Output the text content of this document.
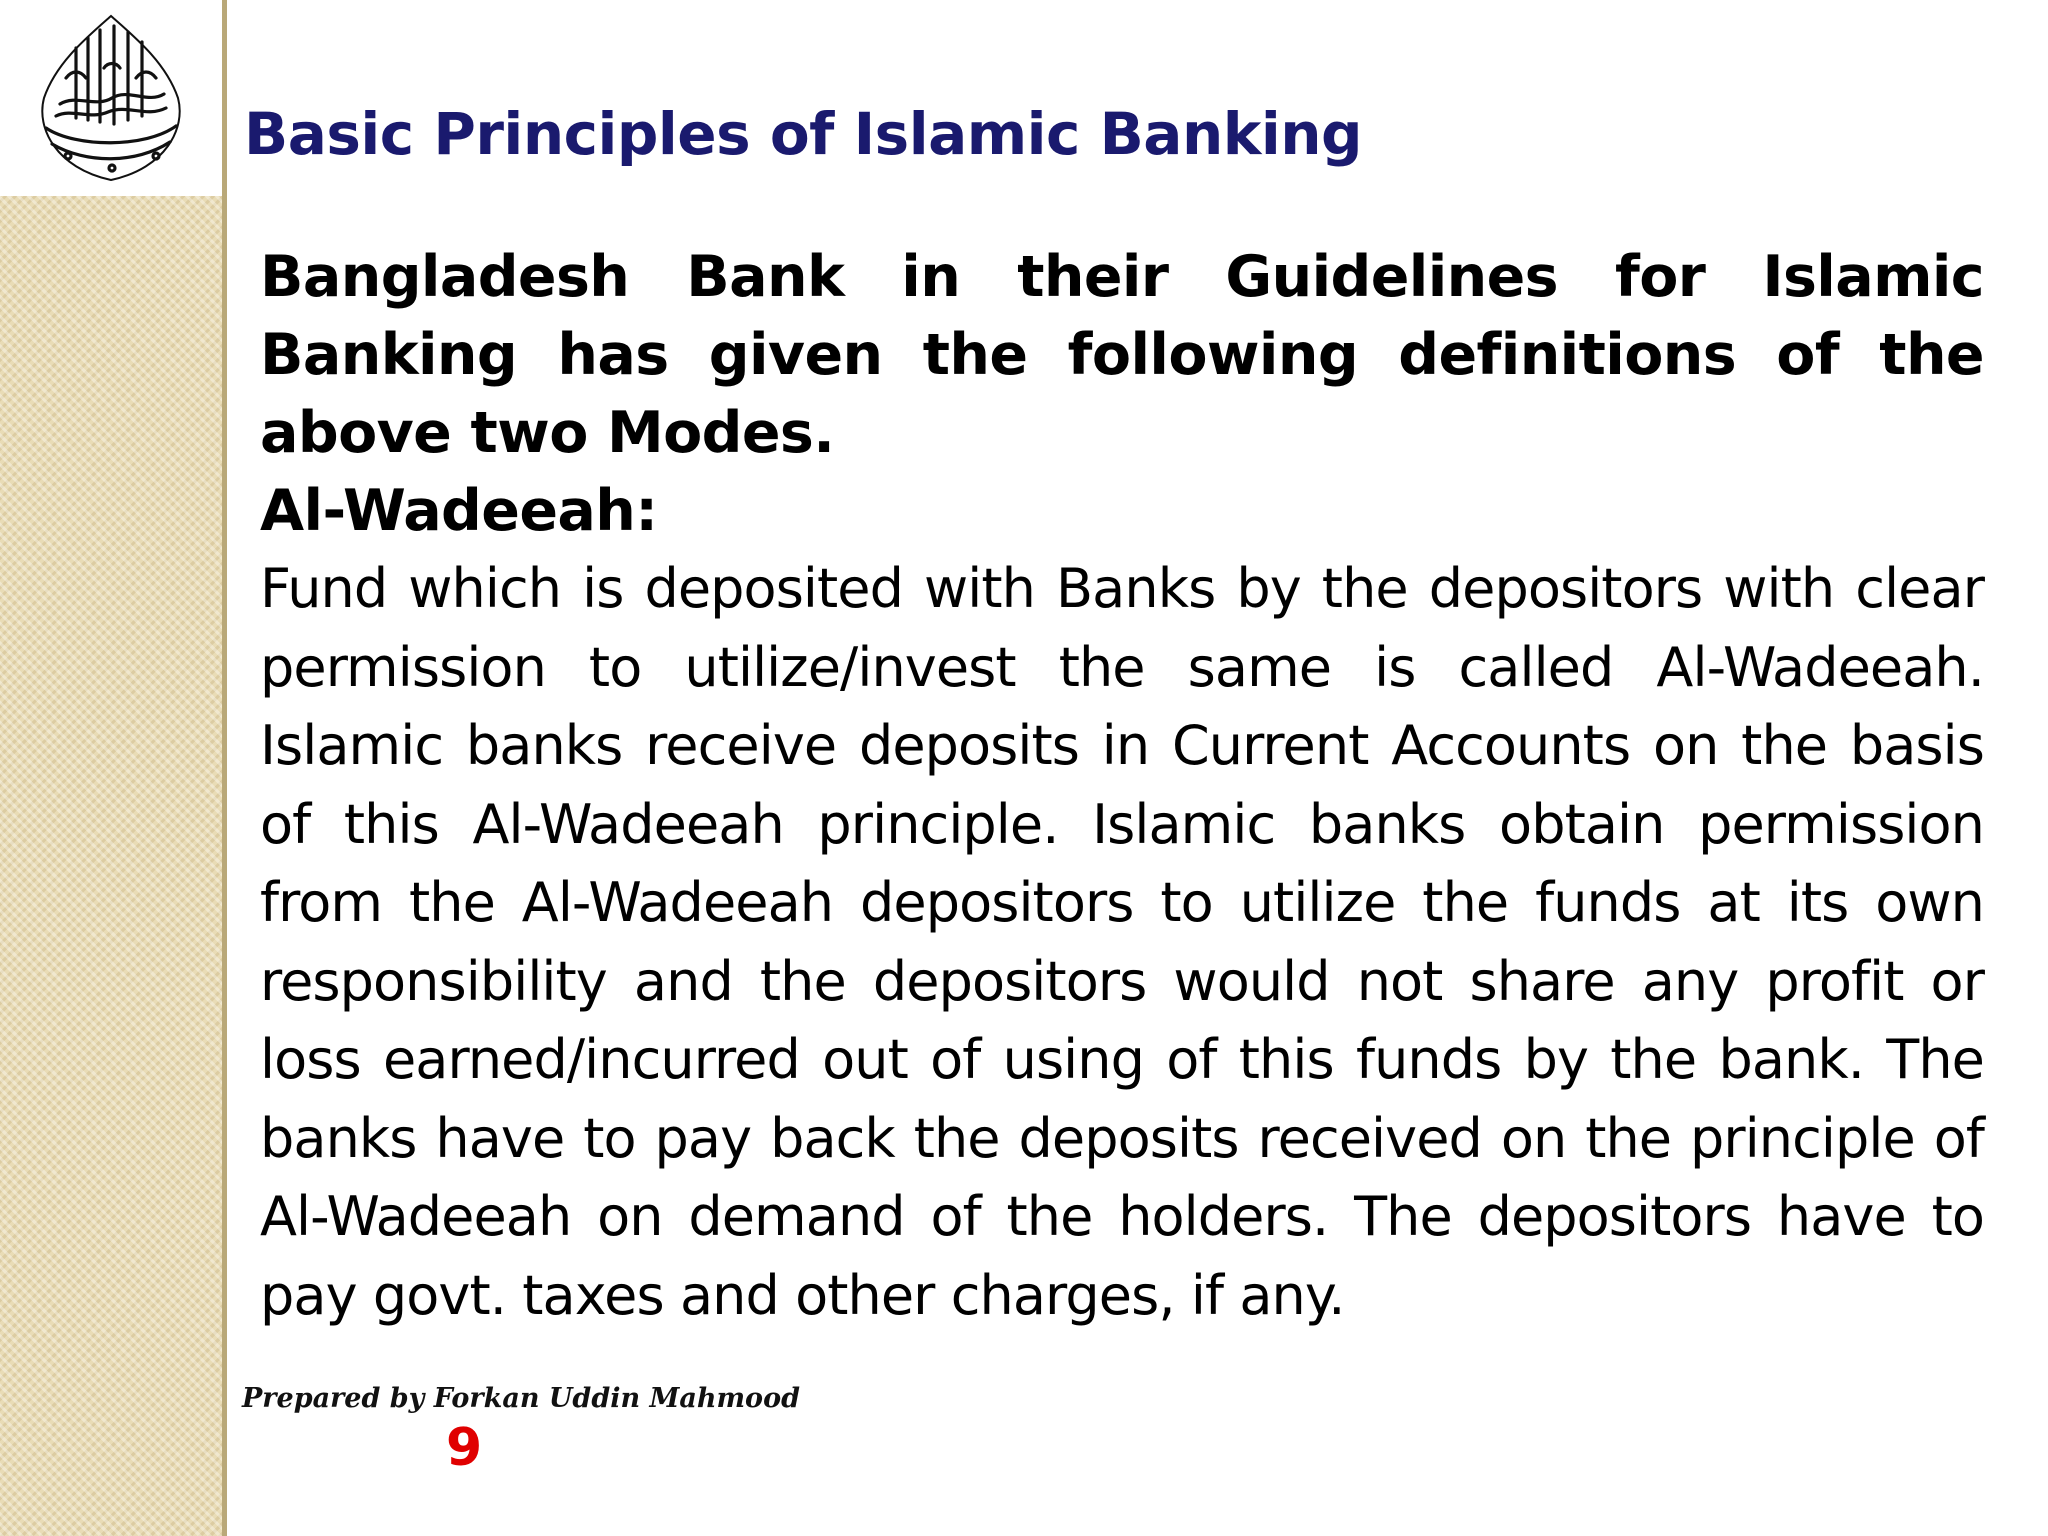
Basic Principles of Islamic Banking

Bangladesh Bank in their Guidelines for Islamic Banking has given the following definitions of the above two Modes.

Al-Wadeeah:

Fund which is deposited with Banks by the depositors with clear permission to utilize/invest the same is called Al-Wadeeah. Islamic banks receive deposits in Current Accounts on the basis of this Al-Wadeeah principle. Islamic banks obtain permission from the Al-Wadeeah depositors to utilize the funds at its own responsibility and the depositors would not share any profit or loss earned/incurred out of using of this funds by the bank. The banks have to pay back the deposits received on the principle of Al-Wadeeah on demand of the holders. The depositors have to pay govt. taxes and other charges, if any.

Prepared by Forkan Uddin Mahmood
9
